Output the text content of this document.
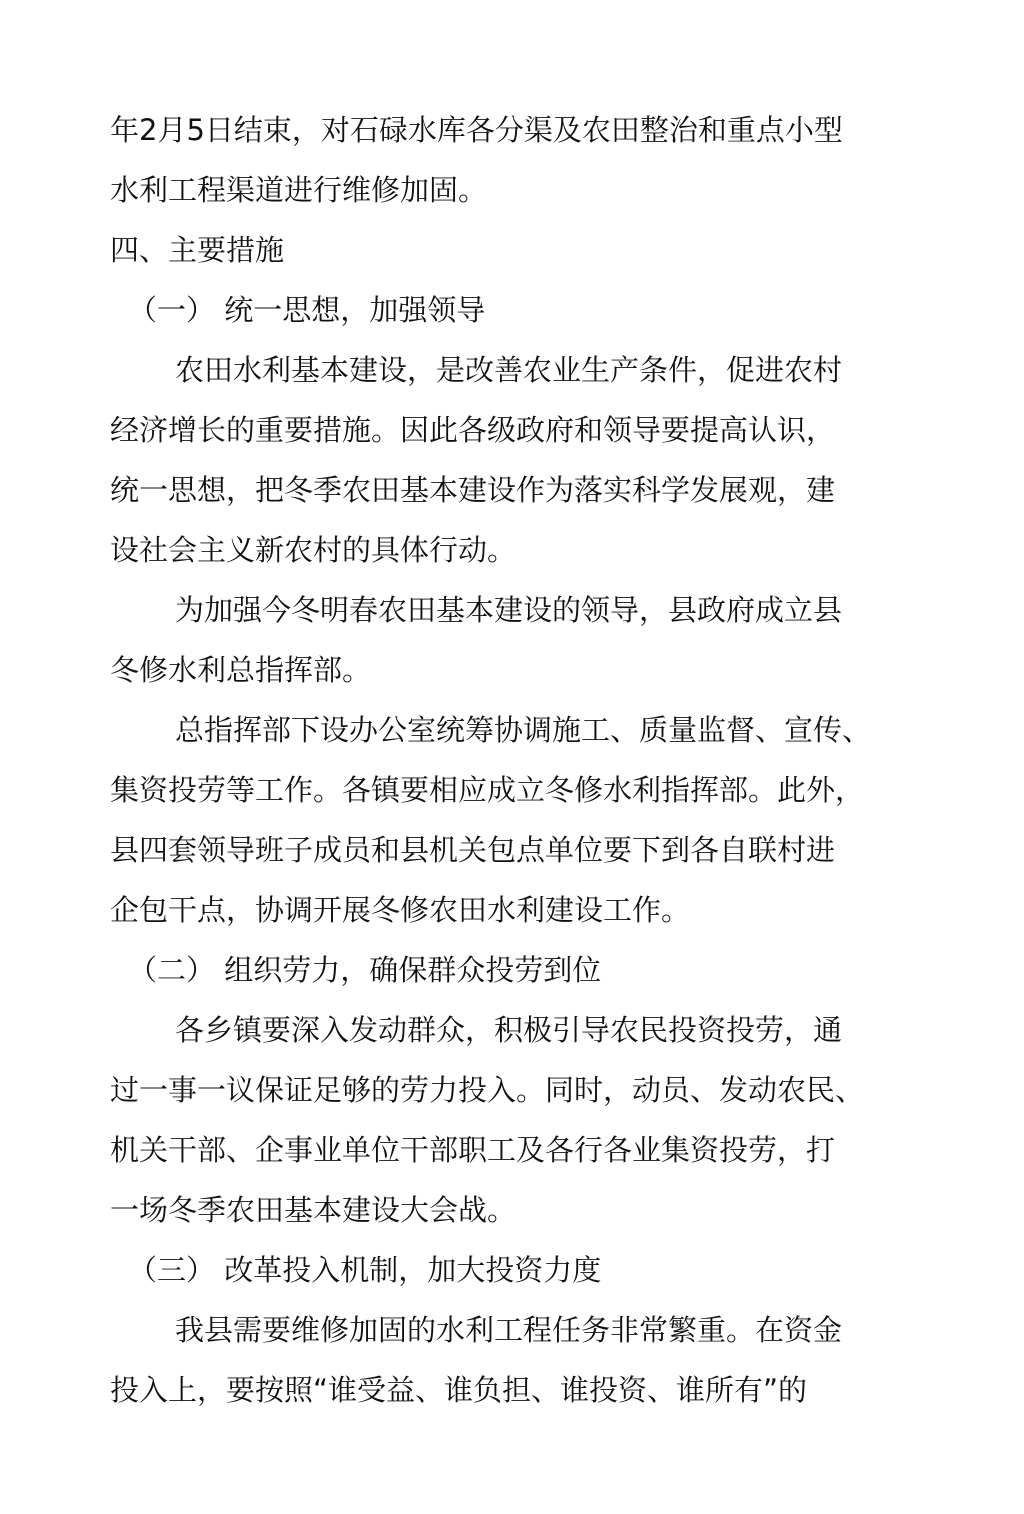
年2月5日结束，对石碌水库各分渠及农田整治和重点小型
水利工程渠道进行维修加固。
四、主要措施
（一） 统一思想，加强领导
农田水利基本建设，是改善农业生产条件，促进农村
经济增长的重要措施。因此各级政府和领导要提高认识，
统一思想，把冬季农田基本建设作为落实科学发展观，建
设社会主义新农村的具体行动。
为加强今冬明春农田基本建设的领导，县政府成立县
冬修水利总指挥部。
总指挥部下设办公室统筹协调施工、质量监督、宣传、
集资投劳等工作。各镇要相应成立冬修水利指挥部。此外，
县四套领导班子成员和县机关包点单位要下到各自联村进
企包干点，协调开展冬修农田水利建设工作。
（二） 组织劳力，确保群众投劳到位
各乡镇要深入发动群众，积极引导农民投资投劳，通
过一事一议保证足够的劳力投入。同时，动员、发动农民、
机关干部、企事业单位干部职工及各行各业集资投劳，打
一场冬季农田基本建设大会战。
（三） 改革投入机制，加大投资力度
我县需要维修加固的水利工程任务非常繁重。在资金
投入上，要按照“谁受益、谁负担、谁投资、谁所有”的
